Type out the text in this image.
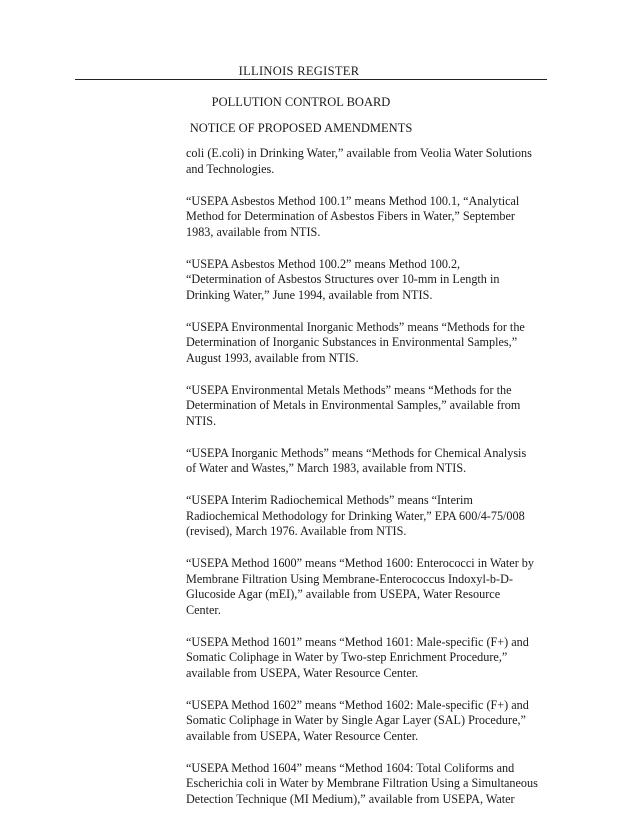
ILLINOIS REGISTER
POLLUTION CONTROL BOARD
NOTICE OF PROPOSED AMENDMENTS

coli (E.coli) in Drinking Water,” available from Veolia Water Solutions and Technologies.

“USEPA Asbestos Method 100.1” means Method 100.1, “Analytical Method for Determination of Asbestos Fibers in Water,” September 1983, available from NTIS.

“USEPA Asbestos Method 100.2” means Method 100.2, “Determination of Asbestos Structures over 10-mm in Length in Drinking Water,” June 1994, available from NTIS.

“USEPA Environmental Inorganic Methods” means “Methods for the Determination of Inorganic Substances in Environmental Samples,” August 1993, available from NTIS.

“USEPA Environmental Metals Methods” means “Methods for the Determination of Metals in Environmental Samples,” available from NTIS.

“USEPA Inorganic Methods” means “Methods for Chemical Analysis of Water and Wastes,” March 1983, available from NTIS.

“USEPA Interim Radiochemical Methods” means “Interim Radiochemical Methodology for Drinking Water,” EPA 600/4-75/008 (revised), March 1976. Available from NTIS.

“USEPA Method 1600” means “Method 1600: Enterococci in Water by Membrane Filtration Using Membrane-Enterococcus Indoxyl-b-D-Glucoside Agar (mEI),” available from USEPA, Water Resource Center.

“USEPA Method 1601” means “Method 1601: Male-specific (F+) and Somatic Coliphage in Water by Two-step Enrichment Procedure,” available from USEPA, Water Resource Center.

“USEPA Method 1602” means “Method 1602: Male-specific (F+) and Somatic Coliphage in Water by Single Agar Layer (SAL) Procedure,” available from USEPA, Water Resource Center.

“USEPA Method 1604” means “Method 1604: Total Coliforms and Escherichia coli in Water by Membrane Filtration Using a Simultaneous Detection Technique (MI Medium),” available from USEPA, Water
